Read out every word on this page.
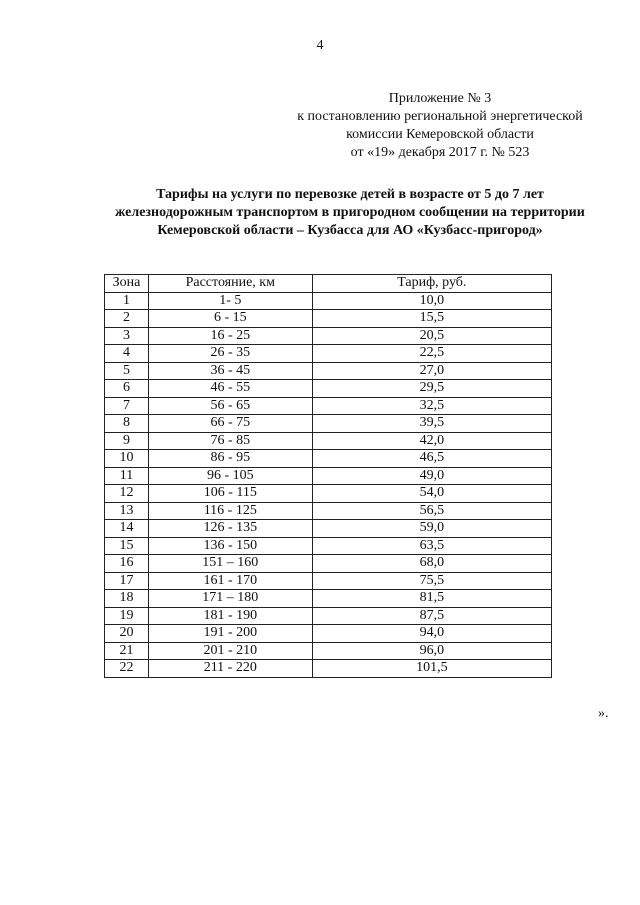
4
Приложение № 3
к постановлению региональной энергетической
комиссии Кемеровской области
от «19» декабря 2017 г. № 523
Тарифы на услуги по перевозке детей в возрасте от 5 до 7 лет
железнодорожным транспортом в пригородном сообщении на территории
Кемеровской области – Кузбасса для АО «Кузбасс-пригород»
Зона	Расстояние, км	Тариф, руб.
1	1- 5	10,0
2	6 - 15	15,5
3	16 - 25	20,5
4	26 - 35	22,5
5	36 - 45	27,0
6	46 - 55	29,5
7	56 - 65	32,5
8	66 - 75	39,5
9	76 - 85	42,0
10	86 - 95	46,5
11	96 - 105	49,0
12	106 - 115	54,0
13	116 - 125	56,5
14	126 - 135	59,0
15	136 - 150	63,5
16	151 – 160	68,0
17	161 - 170	75,5
18	171 – 180	81,5
19	181 - 190	87,5
20	191 - 200	94,0
21	201 - 210	96,0
22	211 - 220	101,5
».
